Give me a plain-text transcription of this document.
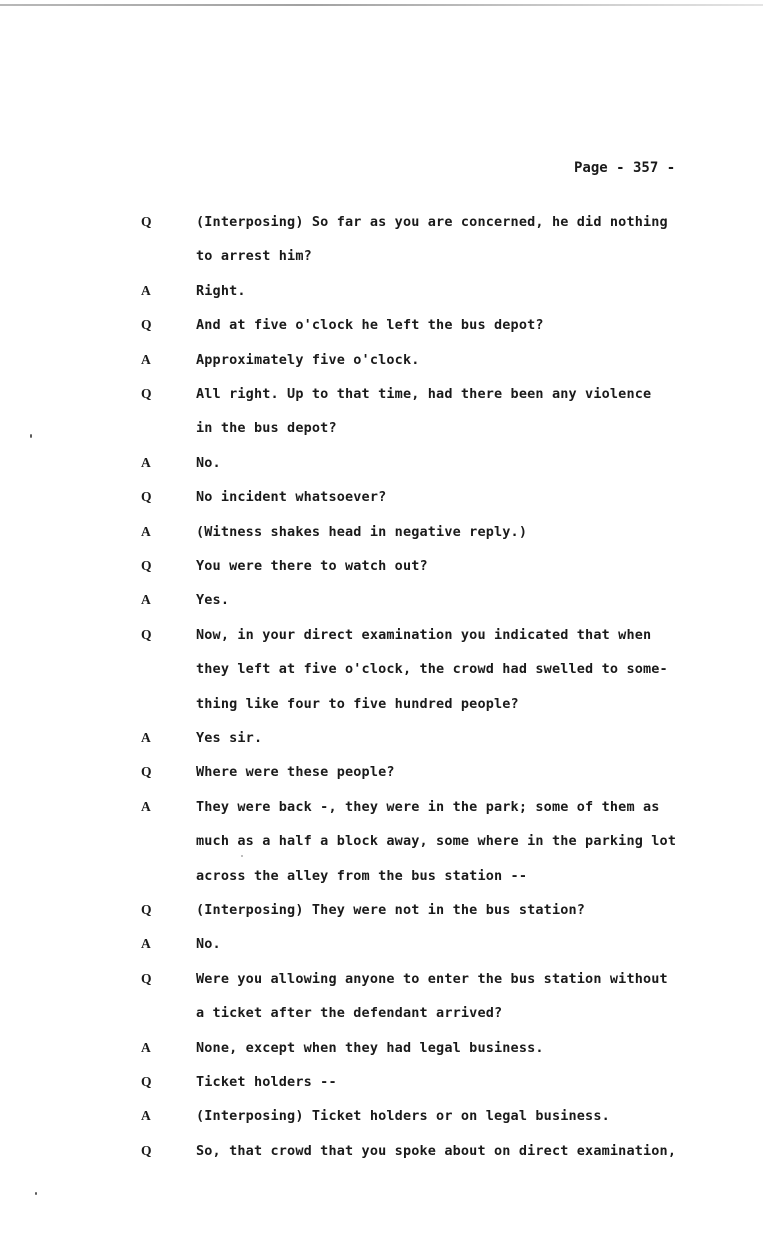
Page - 357 -

Q	(Interposing) So far as you are concerned, he did nothing
to arrest him?
A	Right.
Q	And at five o'clock he left the bus depot?
A	Approximately five o'clock.
Q	All right. Up to that time, had there been any violence
in the bus depot?
A	No.
Q	No incident whatsoever?
A	(Witness shakes head in negative reply.)
Q	You were there to watch out?
A	Yes.
Q	Now, in your direct examination you indicated that when
they left at five o'clock, the crowd had swelled to some-
thing like four to five hundred people?
A	Yes sir.
Q	Where were these people?
A	They were back -, they were in the park; some of them as
much as a half a block away, some where in the parking lot
across the alley from the bus station --
Q	(Interposing) They were not in the bus station?
A	No.
Q	Were you allowing anyone to enter the bus station without
a ticket after the defendant arrived?
A	None, except when they had legal business.
Q	Ticket holders --
A	(Interposing) Ticket holders or on legal business.
Q	So, that crowd that you spoke about on direct examination,
